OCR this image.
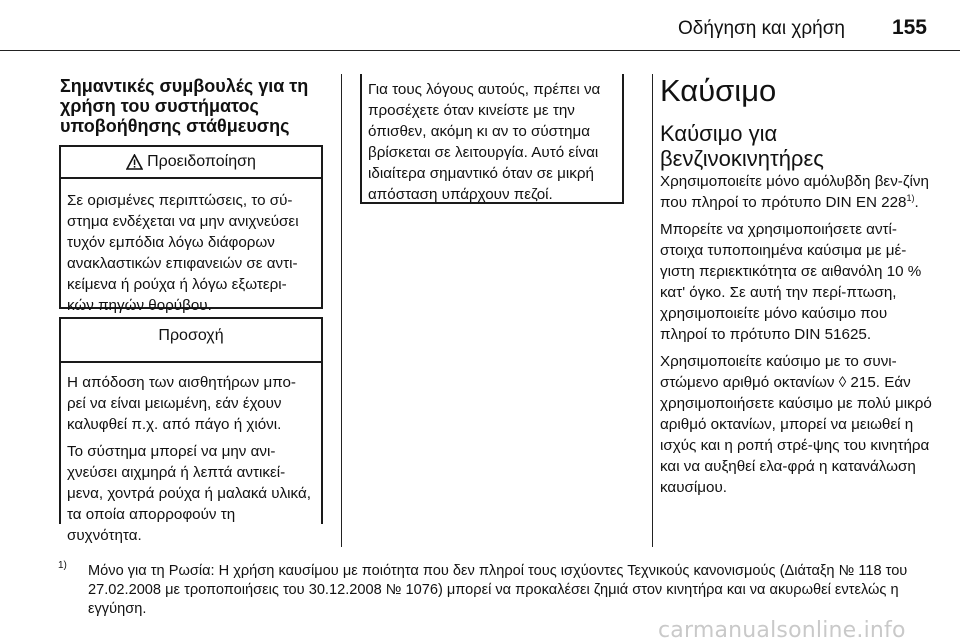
Οδήγηση και χρήση 155
Σημαντικές συμβουλές για τη χρήση του συστήματος υποβοήθησης στάθμευσης
Προειδοποίηση
Σε ορισμένες περιπτώσεις, το σύ‐στημα ενδέχεται να μην ανιχνεύσει τυχόν εμπόδια λόγω διάφορων ανακλαστικών επιφανειών σε αντι‐κείμενα ή ρούχα ή λόγω εξωτερι‐κών πηγών θορύβου.
Προσοχή

Η απόδοση των αισθητήρων μπο‐ρεί να είναι μειωμένη, εάν έχουν καλυφθεί π.χ. από πάγο ή χιόνι.

Το σύστημα μπορεί να μην ανι‐χνεύσει αιχμηρά ή λεπτά αντικεί‐μενα, χοντρά ρούχα ή μαλακά υλικά, τα οποία απορροφούν τη συχνότητα.

Για τους λόγους αυτούς, πρέπει να προσέχετε όταν κινείστε με την όπισθεν, ακόμη κι αν το σύστημα βρίσκεται σε λειτουργία. Αυτό είναι ιδιαίτερα σημαντικό όταν σε μικρή απόσταση υπάρχουν πεζοί.
Καύσιμο
Καύσιμο για βενζινοκινητήρες

Χρησιμοποιείτε μόνο αμόλυβδη βεν‐ζίνη που πληροί το πρότυπο DIN EN 228$^{1)}$.

Μπορείτε να χρησιμοποιήσετε αντί‐στοιχα τυποποιημένα καύσιμα με μέ‐γιστη περιεκτικότητα σε αιθανόλη 10 % κατ' όγκο. Σε αυτή την περί‐πτωση, χρησιμοποιείτε μόνο καύσιμο που πληροί το πρότυπο DIN 51625.

Χρησιμοποιείτε καύσιμο με το συνι‐στώμενο αριθμό οκτανίων ◊ 215. Εάν χρησιμοποιήσετε καύσιμο με πολύ μικρό αριθμό οκτανίων, μπορεί να μειωθεί η ισχύς και η ροπή στρέ‐ψης του κινητήρα και να αυξηθεί ελα‐φρά η κατανάλωση καυσίμου.

1) Μόνο για τη Ρωσία: Η χρήση καυσίμου με ποιότητα που δεν πληροί τους ισχύοντες Τεχνικούς κανονισμούς (Διάταξη № 118 του 27.02.2008 με τροποποιήσεις του 30.12.2008 № 1076) μπορεί να προκαλέσει ζημιά στον κινητήρα και να ακυρωθεί εντελώς η εγγύηση.
carmanualsonline.info
